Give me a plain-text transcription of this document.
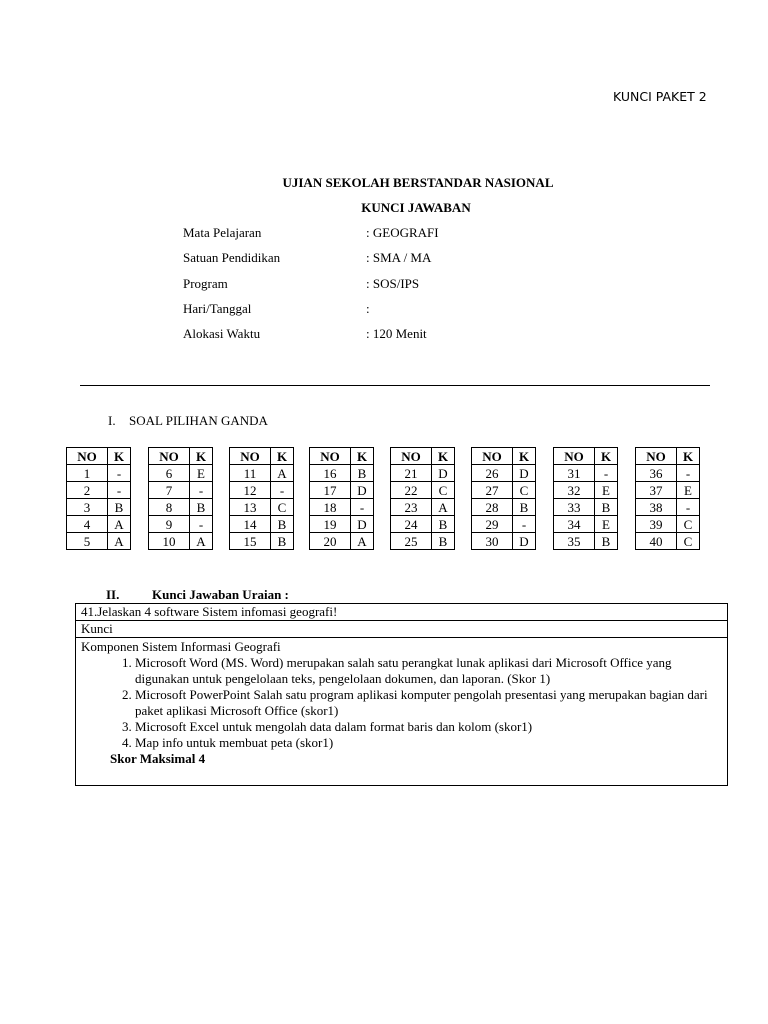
KUNCI PAKET 2
UJIAN SEKOLAH BERSTANDAR NASIONAL
KUNCI JAWABAN
Mata Pelajaran	: GEOGRAFI
Satuan Pendidikan	: SMA / MA
Program	: SOS/IPS
Hari/Tanggal	:
Alokasi Waktu	: 120 Menit
I. SOAL PILIHAN GANDA
NO	K
1	-
2	-
3	B
4	A
5	A
NO	K
6	E
7	-
8	B
9	-
10	A
NO	K
11	A
12	-
13	C
14	B
15	B
NO	K
16	B
17	D
18	-
19	D
20	A
NO	K
21	D
22	C
23	A
24	B
25	B
NO	K
26	D
27	C
28	B
29	-
30	D
NO	K
31	-
32	E
33	B
34	E
35	B
NO	K
36	-
37	E
38	-
39	C
40	C
II.	Kunci Jawaban Uraian :
41.Jelaskan 4 software Sistem infomasi geografi!
Kunci
Komponen Sistem Informasi Geografi
1. Microsoft Word (MS. Word) merupakan salah satu perangkat lunak aplikasi dari Microsoft Office yang digunakan untuk pengelolaan teks, pengelolaan dokumen, dan laporan. (Skor 1)
2. Microsoft PowerPoint Salah satu program aplikasi komputer pengolah presentasi yang merupakan bagian dari paket aplikasi Microsoft Office (skor1)
3. Microsoft Excel untuk mengolah data dalam format baris dan kolom (skor1)
4. Map info untuk membuat peta (skor1)
Skor Maksimal 4
